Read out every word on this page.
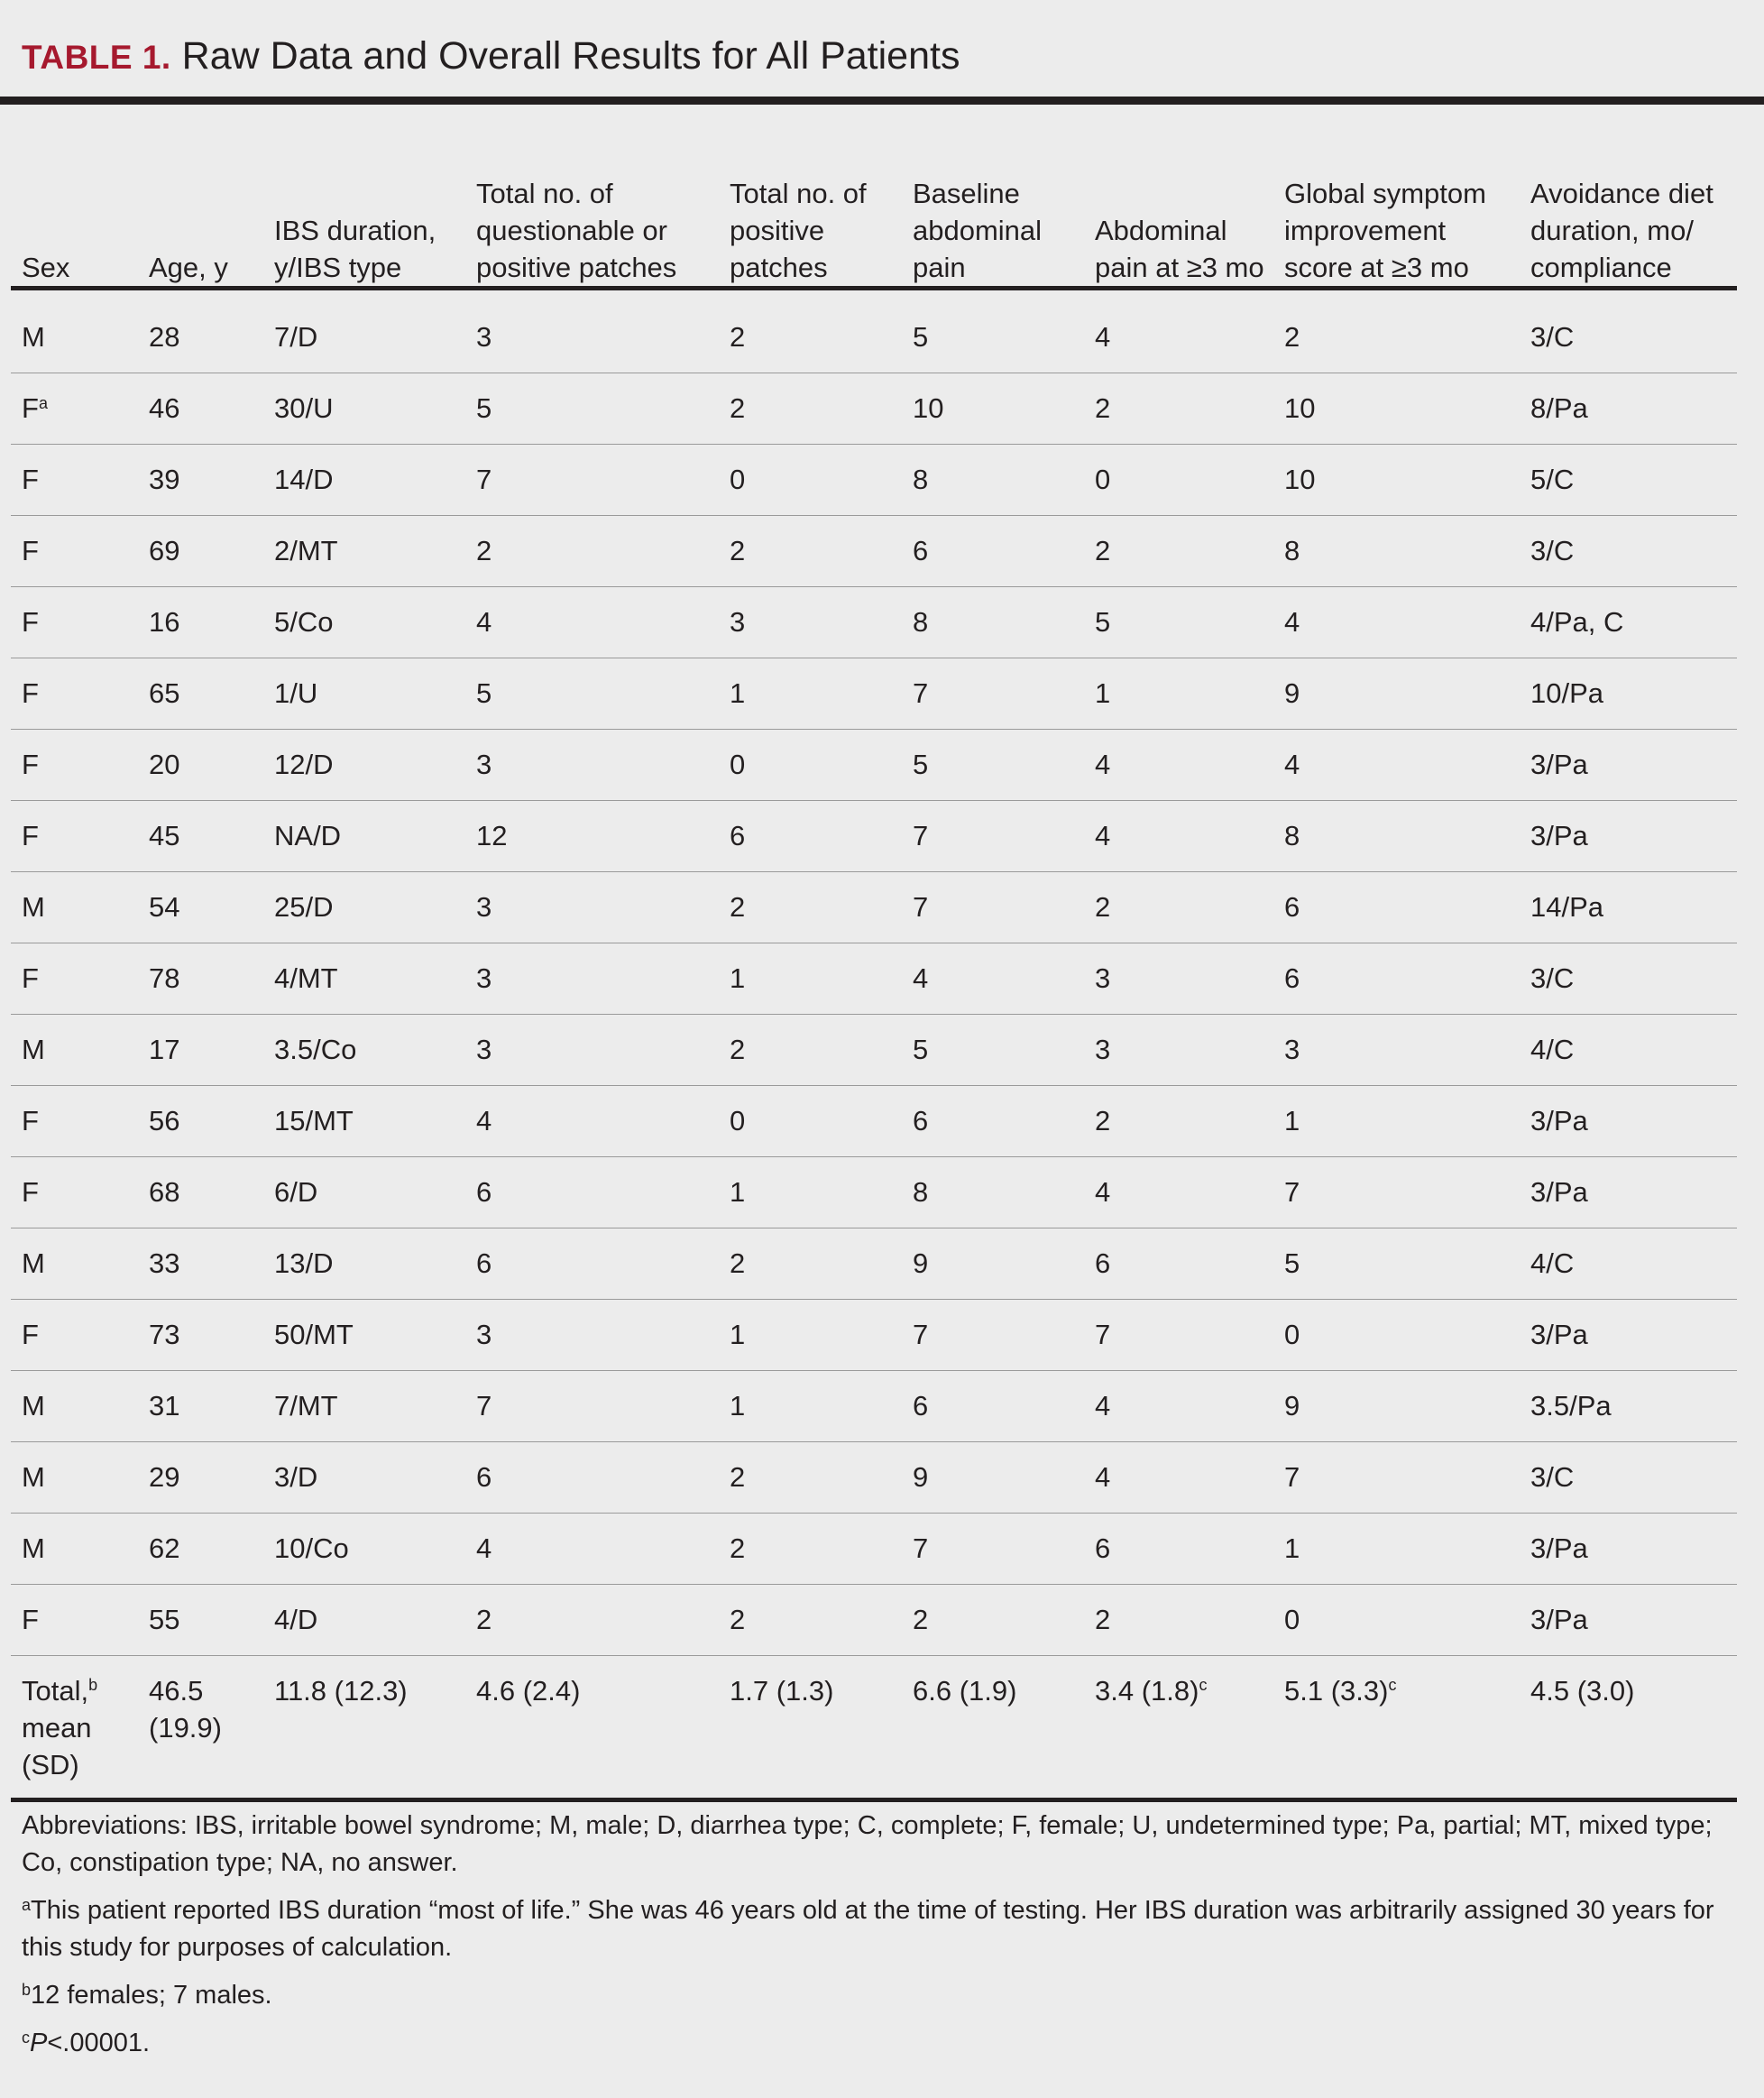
TABLE 1. Raw Data and Overall Results for All Patients
Sex	Age, y	IBS duration, y/IBS type	Total no. of questionable or positive patches	Total no. of positive patches	Baseline abdominal pain	Abdominal pain at ≥3 mo	Global symptom improvement score at ≥3 mo	Avoidance diet duration, mo/ compliance
M	28	7/D	3	2	5	4	2	3/C
$F^a$	46	30/U	5	2	10	2	10	8/Pa
F	39	14/D	7	0	8	0	10	5/C
F	69	2/MT	2	2	6	2	8	3/C
F	16	5/Co	4	3	8	5	4	4/Pa, C
F	65	1/U	5	1	7	1	9	10/Pa
F	20	12/D	3	0	5	4	4	3/Pa
F	45	NA/D	12	6	7	4	8	3/Pa
M	54	25/D	3	2	7	2	6	14/Pa
F	78	4/MT	3	1	4	3	6	3/C
M	17	3.5/Co	3	2	5	3	3	4/C
F	56	15/MT	4	0	6	2	1	3/Pa
F	68	6/D	6	1	8	4	7	3/Pa
M	33	13/D	6	2	9	6	5	4/C
F	73	50/MT	3	1	7	7	0	3/Pa
M	31	7/MT	7	1	6	4	9	3.5/Pa
M	29	3/D	6	2	9	4	7	3/C
M	62	10/Co	4	2	7	6	1	3/Pa
F	55	4/D	2	2	2	2	0	3/Pa
Total,$^b$ mean (SD)	46.5 (19.9)	11.8 (12.3)	4.6 (2.4)	1.7 (1.3)	6.6 (1.9)	3.4 $(1.8)^c$	5.1 $(3.3)^c$	4.5 (3.0)

Abbreviations: IBS, irritable bowel syndrome; M, male; D, diarrhea type; C, complete; F, female; U, undetermined type; Pa, partial; MT, mixed type; Co, constipation type; NA, no answer.

$^a$This patient reported IBS duration “most of life.” She was 46 years old at the time of testing. Her IBS duration was arbitrarily assigned 30 years for this study for purposes of calculation.

$^b$12 females; 7 males.

$^c$P<.00001.
